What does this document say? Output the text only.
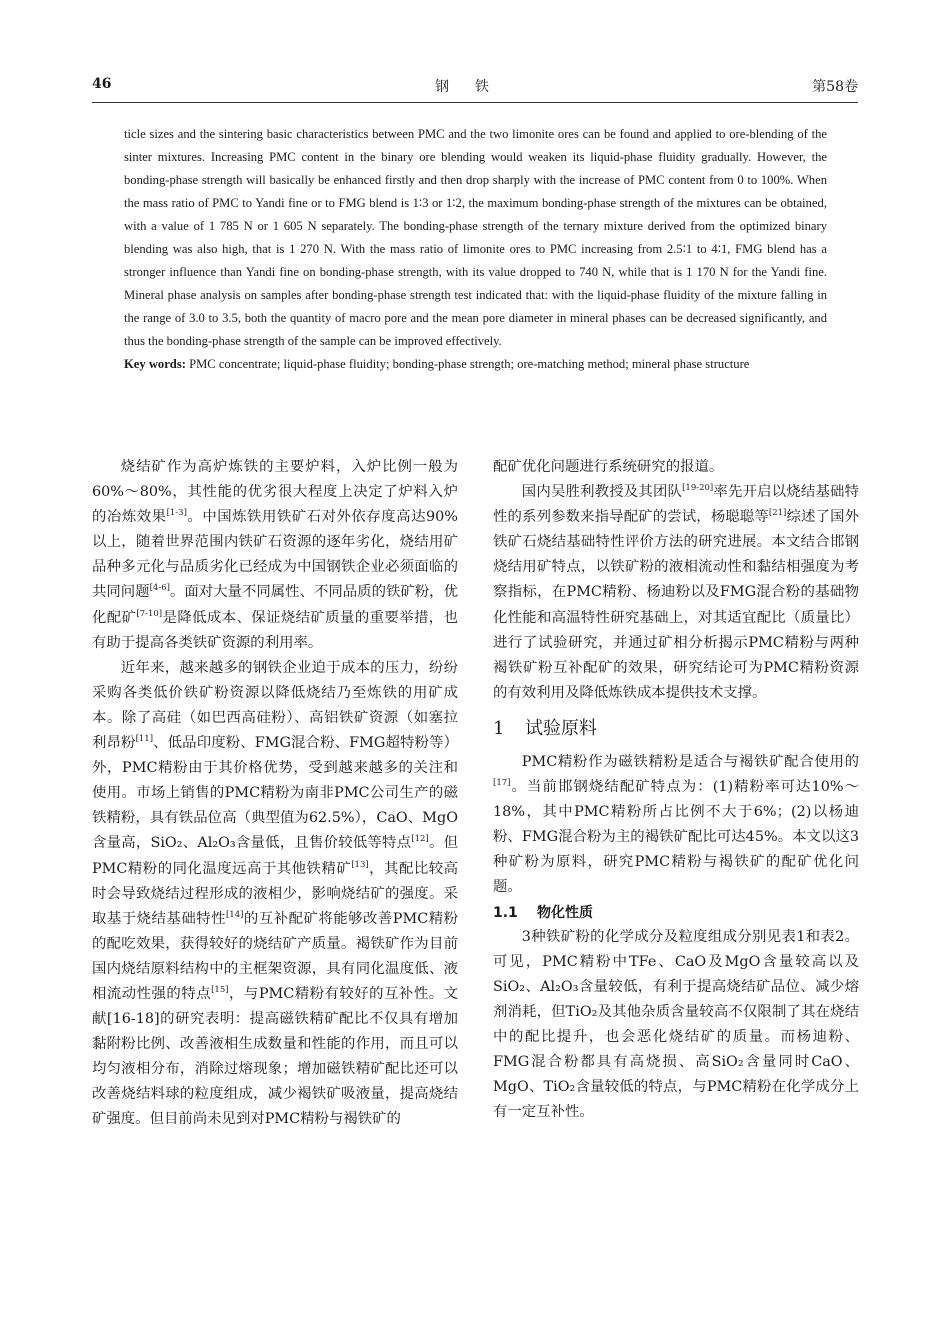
46	钢铁	第58卷

ticle sizes and the sintering basic characteristics between PMC and the two limonite ores can be found and applied to ore-blending of the sinter mixtures. Increasing PMC content in the binary ore blending would weaken its liquid-phase fluidity gradually. However, the bonding-phase strength will basically be enhanced firstly and then drop sharply with the increase of PMC content from 0 to 100%. When the mass ratio of PMC to Yandi fine or to FMG blend is 1∶3 or 1∶2, the maximum bonding-phase strength of the mixtures can be obtained, with a value of 1 785 N or 1 605 N separately. The bonding-phase strength of the ternary mixture derived from the optimized binary blending was also high, that is 1 270 N. With the mass ratio of limonite ores to PMC increasing from 2.5∶1 to 4∶1, FMG blend has a stronger influence than Yandi fine on bonding-phase strength, with its value dropped to 740 N, while that is 1 170 N for the Yandi fine. Mineral phase analysis on samples after bonding-phase strength test indicated that: with the liquid-phase fluidity of the mixture falling in the range of 3.0 to 3.5, both the quantity of macro pore and the mean pore diameter in mineral phases can be decreased significantly, and thus the bonding-phase strength of the sample can be improved effectively.

Key words: PMC concentrate; liquid-phase fluidity; bonding-phase strength; ore-matching method; mineral phase structure

烧结矿作为高炉炼铁的主要炉料，入炉比例一般为60%～80%，其性能的优劣很大程度上决定了炉料入炉的冶炼效果[1-3]。中国炼铁用铁矿石对外依存度高达90%以上，随着世界范围内铁矿石资源的逐年劣化，烧结用矿品种多元化与品质劣化已经成为中国钢铁企业必须面临的共同问题[4-6]。面对大量不同属性、不同品质的铁矿粉，优化配矿[7-10]是降低成本、保证烧结矿质量的重要举措，也有助于提高各类铁矿资源的利用率。

近年来，越来越多的钢铁企业迫于成本的压力，纷纷采购各类低价铁矿粉资源以降低烧结乃至炼铁的用矿成本。除了高硅（如巴西高硅粉）、高铝铁矿资源（如塞拉利昂粉[11]、低品印度粉、FMG混合粉、FMG超特粉等）外，PMC精粉由于其价格优势，受到越来越多的关注和使用。市场上销售的PMC精粉为南非PMC公司生产的磁铁精粉，具有铁品位高（典型值为62.5%），CaO、MgO含量高，SiO₂、Al₂O₃含量低，且售价较低等特点[12]。但PMC精粉的同化温度远高于其他铁精矿[13]，其配比较高时会导致烧结过程形成的液相少，影响烧结矿的强度。采取基于烧结基础特性[14]的互补配矿将能够改善PMC精粉的配吃效果，获得较好的烧结矿产质量。褐铁矿作为目前国内烧结原料结构中的主框架资源，具有同化温度低、液相流动性强的特点[15]，与PMC精粉有较好的互补性。文献[16-18]的研究表明：提高磁铁精矿配比不仅具有增加黏附粉比例、改善液相生成数量和性能的作用，而且可以均匀液相分布，消除过熔现象；增加磁铁精矿配比还可以改善烧结料球的粒度组成，减少褐铁矿吸液量，提高烧结矿强度。但目前尚未见到对PMC精粉与褐铁矿的

配矿优化问题进行系统研究的报道。

国内吴胜利教授及其团队[19-20]率先开启以烧结基础特性的系列参数来指导配矿的尝试，杨聪聪等[21]综述了国外铁矿石烧结基础特性评价方法的研究进展。本文结合邯钢烧结用矿特点，以铁矿粉的液相流动性和黏结相强度为考察指标，在PMC精粉、杨迪粉以及FMG混合粉的基础物化性能和高温特性研究基础上，对其适宜配比（质量比）进行了试验研究，并通过矿相分析揭示PMC精粉与两种褐铁矿粉互补配矿的效果，研究结论可为PMC精粉资源的有效利用及降低炼铁成本提供技术支撑。

1 试验原料

PMC精粉作为磁铁精粉是适合与褐铁矿配合使用的[17]。当前邯钢烧结配矿特点为：(1)精粉率可达10%～18%，其中PMC精粉所占比例不大于6%；(2)以杨迪粉、FMG混合粉为主的褐铁矿配比可达45%。本文以这3种矿粉为原料，研究PMC精粉与褐铁矿的配矿优化问题。

1.1 物化性质

3种铁矿粉的化学成分及粒度组成分别见表1和表2。可见，PMC精粉中TFe、CaO及MgO含量较高以及SiO₂、Al₂O₃含量较低，有利于提高烧结矿品位、减少熔剂消耗，但TiO₂及其他杂质含量较高不仅限制了其在烧结中的配比提升，也会恶化烧结矿的质量。而杨迪粉、FMG混合粉都具有高烧损、高SiO₂含量同时CaO、MgO、TiO₂含量较低的特点，与PMC精粉在化学成分上有一定互补性。
